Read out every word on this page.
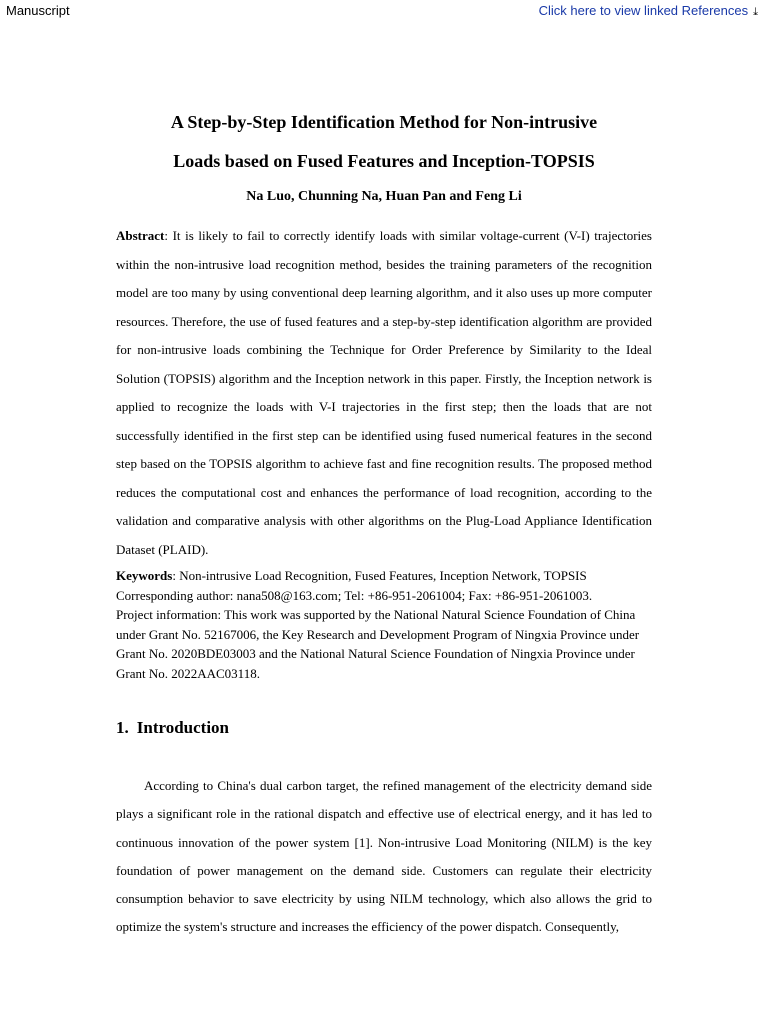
Manuscript	Click here to view linked References ⤓
A Step-by-Step Identification Method for Non-intrusive
Loads based on Fused Features and Inception-TOPSIS
Na Luo, Chunning Na, Huan Pan and Feng Li
Abstract: It is likely to fail to correctly identify loads with similar voltage-current (V-I) trajectories within the non-intrusive load recognition method, besides the training parameters of the recognition model are too many by using conventional deep learning algorithm, and it also uses up more computer resources. Therefore, the use of fused features and a step-by-step identification algorithm are provided for non-intrusive loads combining the Technique for Order Preference by Similarity to the Ideal Solution (TOPSIS) algorithm and the Inception network in this paper. Firstly, the Inception network is applied to recognize the loads with V-I trajectories in the first step; then the loads that are not successfully identified in the first step can be identified using fused numerical features in the second step based on the TOPSIS algorithm to achieve fast and fine recognition results. The proposed method reduces the computational cost and enhances the performance of load recognition, according to the validation and comparative analysis with other algorithms on the Plug-Load Appliance Identification Dataset (PLAID).

Keywords: Non-intrusive Load Recognition, Fused Features, Inception Network, TOPSIS

Corresponding author: nana508@163.com; Tel: +86-951-2061004; Fax: +86-951-2061003.

Project information: This work was supported by the National Natural Science Foundation of China under Grant No. 52167006, the Key Research and Development Program of Ningxia Province under Grant No. 2020BDE03003 and the National Natural Science Foundation of Ningxia Province under Grant No. 2022AAC03118.

1. Introduction
According to China's dual carbon target, the refined management of the electricity demand side plays a significant role in the rational dispatch and effective use of electrical energy, and it has led to continuous innovation of the power system [1]. Non-intrusive Load Monitoring (NILM) is the key foundation of power management on the demand side. Customers can regulate their electricity consumption behavior to save electricity by using NILM technology, which also allows the grid to optimize the system's structure and increases the efficiency of the power dispatch. Consequently,
